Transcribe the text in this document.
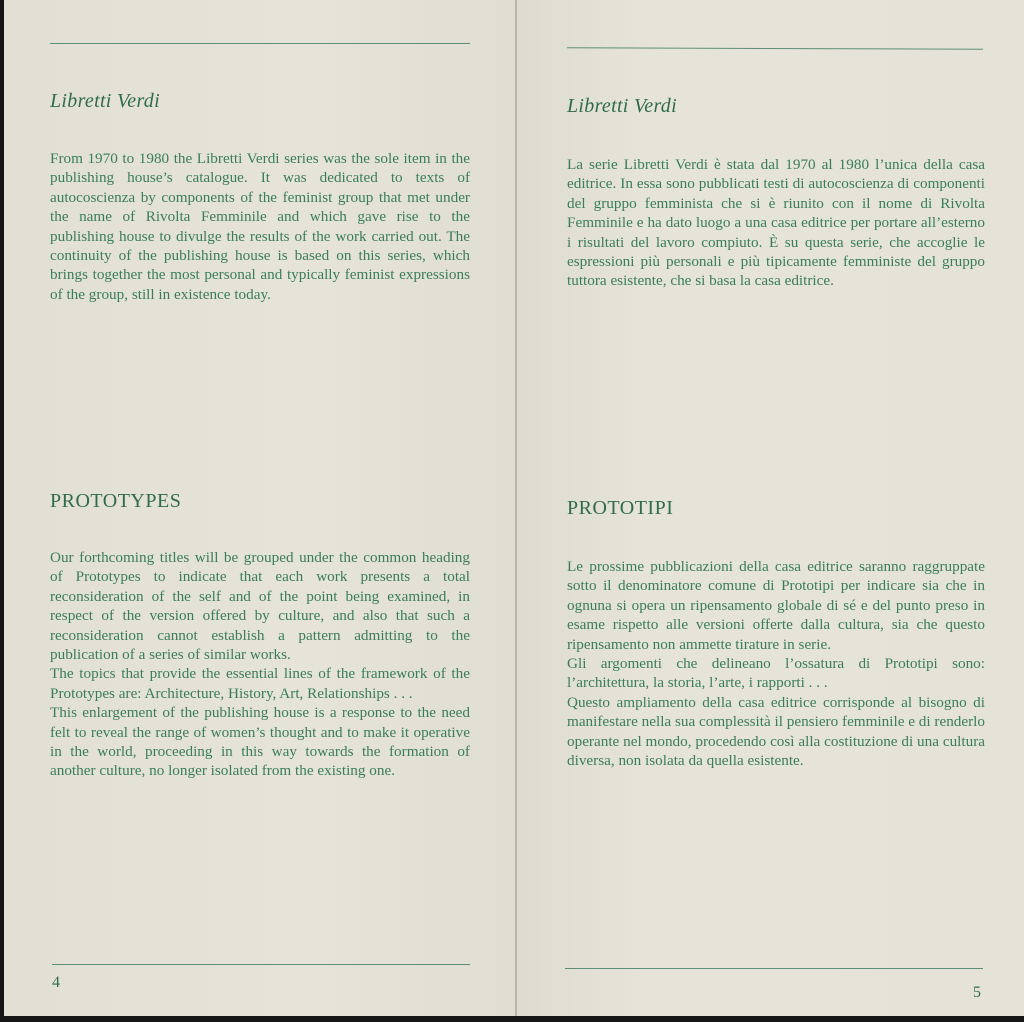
Libretti Verdi

From 1970 to 1980 the Libretti Verdi series was the sole item in the publishing house’s catalogue. It was dedicated to texts of autocoscienza by components of the feminist group that met under the name of Rivolta Femminile and which gave rise to the publishing house to divulge the results of the work carried out. The continuity of the publishing house is based on this series, which brings together the most personal and typically feminist expressions of the group, still in existence today.

PROTOTYPES

Our forthcoming titles will be grouped under the common heading of Prototypes to indicate that each work presents a total reconsideration of the self and of the point being examined, in respect of the version offered by culture, and also that such a reconsideration cannot establish a pattern admitting to the publication of a series of similar works.

The topics that provide the essential lines of the framework of the Prototypes are: Architecture, History, Art, Relationships . . .

This enlargement of the publishing house is a response to the need felt to reveal the range of women’s thought and to make it operative in the world, proceeding in this way towards the formation of another culture, no longer isolated from the existing one.

4
Libretti Verdi

La serie Libretti Verdi è stata dal 1970 al 1980 l’unica della casa editrice. In essa sono pubblicati testi di autocoscienza di componenti del gruppo femminista che si è riunito con il nome di Rivolta Femminile e ha dato luogo a una casa editrice per portare all’esterno i risultati del lavoro compiuto. È su questa serie, che accoglie le espressioni più personali e più tipicamente femministe del gruppo tuttora esistente, che si basa la casa editrice.

PROTOTIPI

Le prossime pubblicazioni della casa editrice saranno raggruppate sotto il denominatore comune di Prototipi per indicare sia che in ognuna si opera un ripensamento globale di sé e del punto preso in esame rispetto alle versioni offerte dalla cultura, sia che questo ripensamento non ammette tirature in serie.

Gli argomenti che delineano l’ossatura di Prototipi sono: l’architettura, la storia, l’arte, i rapporti . . .

Questo ampliamento della casa editrice corrisponde al bisogno di manifestare nella sua complessità il pensiero femminile e di renderlo operante nel mondo, procedendo così alla costituzione di una cultura diversa, non isolata da quella esistente.

5
